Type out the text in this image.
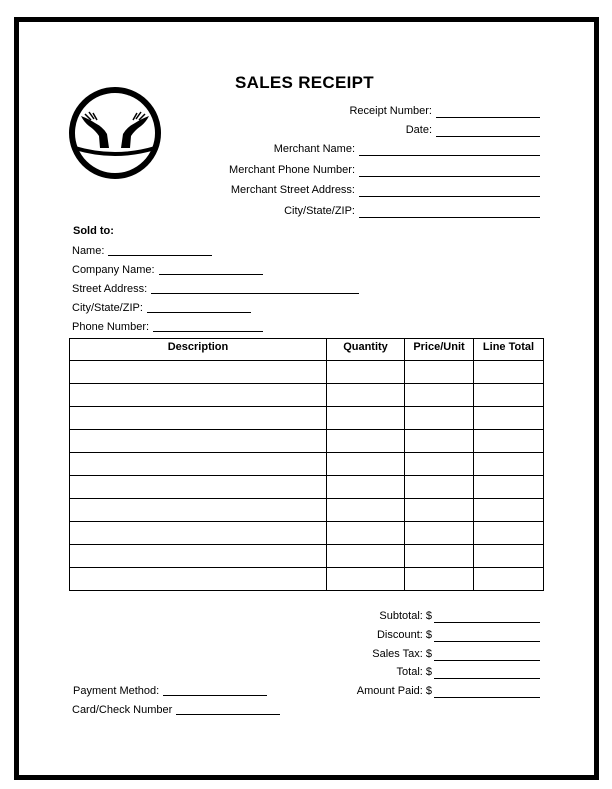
SALES RECEIPT
Receipt Number:
Date:
Merchant Name:
Merchant Phone Number:
Merchant Street Address:
City/State/ZIP:
Sold to:
Name:
Company Name:
Street Address:
City/State/ZIP:
Phone Number:
Description	Quantity	Price/Unit	Line Total

Subtotal: $
Discount: $
Sales Tax: $
Total: $
Amount Paid: $
Payment Method:
Card/Check Number
